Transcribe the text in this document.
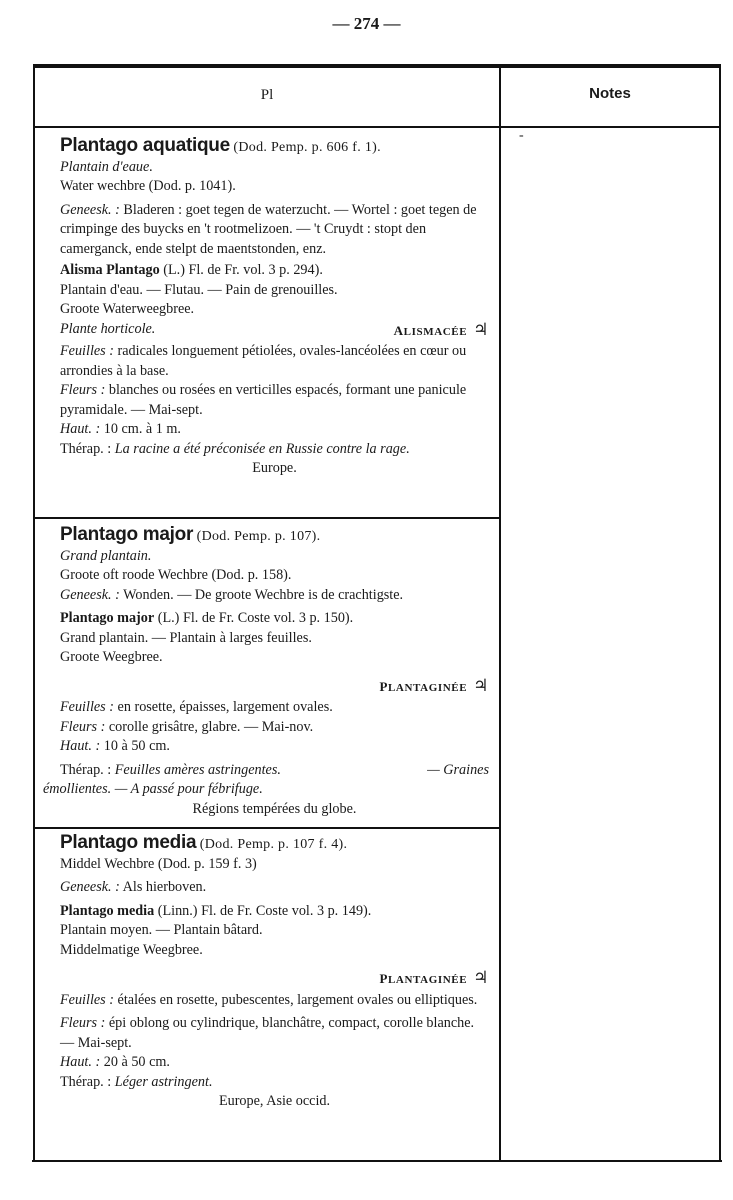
— 274 —
Pl	Notes
-

Plantago aquatique (Dod. Pemp. p. 606 f. 1).

Plantain d'eaue.

Water wechbre (Dod. p. 1041).

Geneesk. : Bladeren : goet tegen de waterzucht. — Wortel : goet tegen de crimpinge des buycks en 't rootmelizoen. — 't Cruydt : stopt den camerganck, ende stelpt de maentstonden, enz.

Alisma Plantago (L.) Fl. de Fr. vol. 3 p. 294).

Plantain d'eau. — Flutau. — Pain de grenouilles.

Groote Waterweegbree.

Plante horticole.	ALISMACÉE ♃

Feuilles : radicales longuement pétiolées, ovales-lancéolées en cœur ou arrondies à la base.

Fleurs : blanches ou rosées en verticilles espacés, formant une panicule pyramidale. — Mai-sept.

Haut. : 10 cm. à 1 m.

Thérap. : La racine a été préconisée en Russie contre la rage.

Europe.

Plantago major (Dod. Pemp. p. 107).

Grand plantain.

Groote oft roode Wechbre (Dod. p. 158).

Geneesk. : Wonden. — De groote Wechbre is de crachtigste.

Plantago major (L.) Fl. de Fr. Coste vol. 3 p. 150).

Grand plantain. — Plantain à larges feuilles.

Groote Weegbree.

PLANTAGINÉE ♃

Feuilles : en rosette, épaisses, largement ovales.

Fleurs : corolle grisâtre, glabre. — Mai-nov.

Haut. : 10 à 50 cm.

Thérap. : Feuilles amères astringentes.	— Graines

émollientes. — A passé pour fébrifuge.

Régions tempérées du globe.

Plantago media (Dod. Pemp. p. 107 f. 4).

Middel Wechbre (Dod. p. 159 f. 3)

Geneesk. : Als hierboven.

Plantago media (Linn.) Fl. de Fr. Coste vol. 3 p. 149).

Plantain moyen. — Plantain bâtard.

Middelmatige Weegbree.

PLANTAGINÉE ♃

Feuilles : étalées en rosette, pubescentes, largement ovales ou elliptiques.

Fleurs : épi oblong ou cylindrique, blanchâtre, compact, corolle blanche. — Mai-sept.

Haut. : 20 à 50 cm.

Thérap. : Léger astringent.

Europe, Asie occid.
